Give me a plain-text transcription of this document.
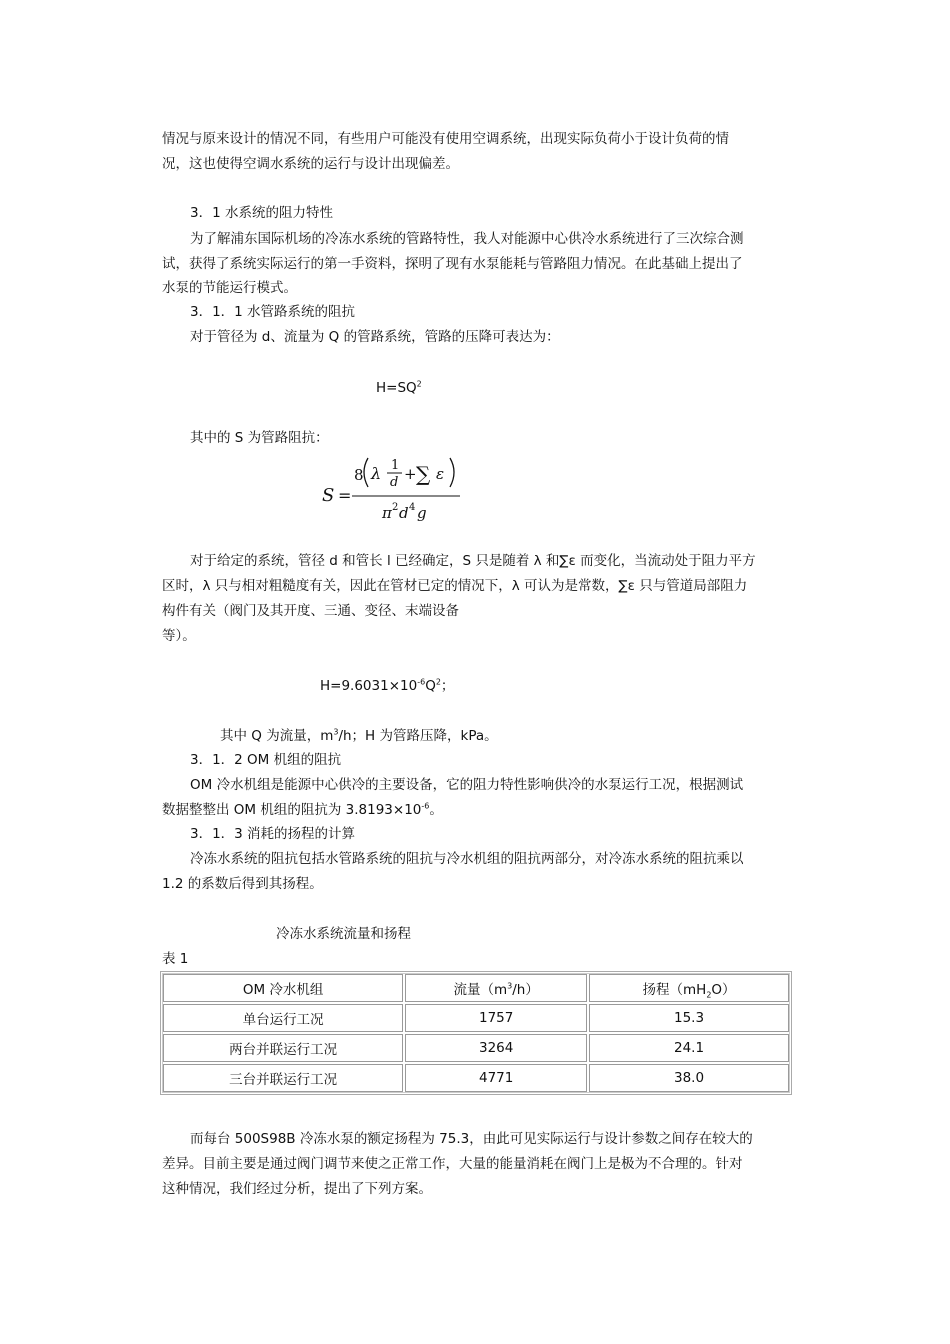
情况与原来设计的情况不同，有些用户可能没有使用空调系统，出现实际负荷小于设计负荷的情
况，这也使得空调水系统的运行与设计出现偏差。
3．1 水系统的阻力特性
为了解浦东国际机场的冷冻水系统的管路特性，我人对能源中心供冷水系统进行了三次综合测
试，获得了系统实际运行的第一手资料，探明了现有水泵能耗与管路阻力情况。在此基础上提出了
水泵的节能运行模式。
3．1．1 水管路系统的阻抗
对于管径为 d、流量为 Q 的管路系统，管路的压降可表达为：
$H=SQ^2$
其中的 S 为管路阻抗：
S =
8 λ 1
d + ∑ ε
π 2 d 4 g
对于给定的系统，管径 d 和管长 l 已经确定，S 只是随着 λ 和∑ε 而变化，当流动处于阻力平方
区时，λ 只与相对粗糙度有关，因此在管材已定的情况下，λ 可认为是常数，∑ε 只与管道局部阻力
构件有关（阀门及其开度、三通、变径、末端设备
等）。
$H=9.6031\times 10^{-6}Q^2$；
其中 Q 为流量，$m^3/h$；H 为管路压降，kPa。
3．1．2 OM 机组的阻抗
OM 冷水机组是能源中心供冷的主要设备，它的阻力特性影响供冷的水泵运行工况，根据测试
数据整整出 OM 机组的阻抗为 $3.8193\times 10^{-6}$。
3．1．3 消耗的扬程的计算
冷冻水系统的阻抗包括水管路系统的阻抗与冷水机组的阻抗两部分，对冷冻水系统的阻抗乘以
1.2 的系数后得到其扬程。
冷冻水系统流量和扬程
表 1
OM 冷水机组	流量$(m^3/h)$	扬程$(mH_2O)$
单台运行工况	1757	15.3
两台并联运行工况	3264	24.1
三台并联运行工况	4771	38.0
而每台 500S98B 冷冻水泵的额定扬程为 75.3，由此可见实际运行与设计参数之间存在较大的
差异。目前主要是通过阀门调节来使之正常工作，大量的能量消耗在阀门上是极为不合理的。针对
这种情况，我们经过分析，提出了下列方案。
